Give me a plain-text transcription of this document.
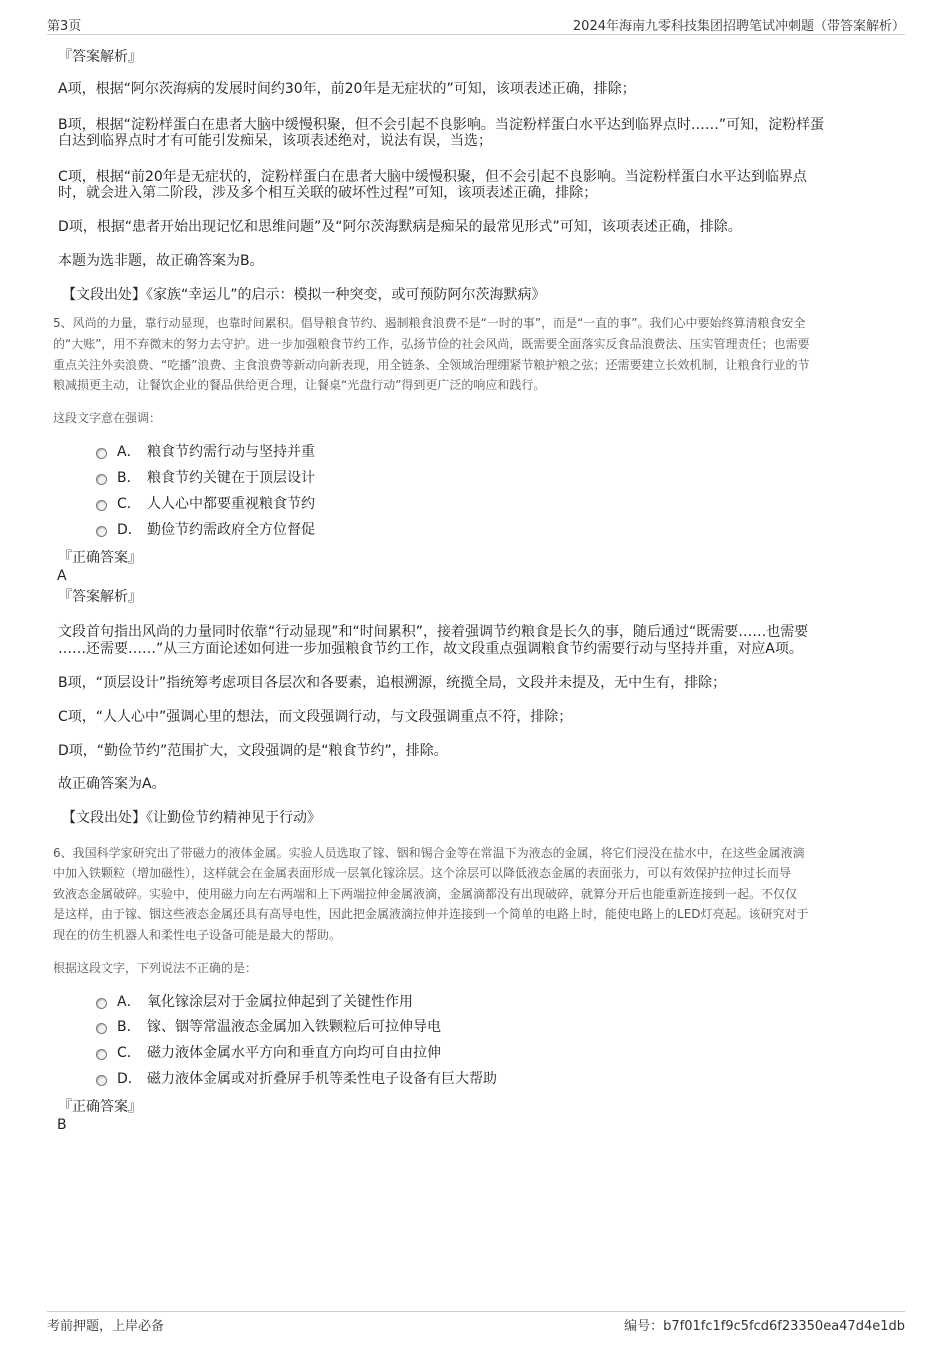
第3页	2024年海南九零科技集团招聘笔试冲刺题（带答案解析）
『答案解析』
A项，根据“阿尔茨海病的发展时间约30年，前20年是无症状的”可知，该项表述正确，排除；
B项，根据“淀粉样蛋白在患者大脑中缓慢积聚，但不会引起不良影响。当淀粉样蛋白水平达到临界点时……”可知，淀粉样蛋
白达到临界点时才有可能引发痴呆，该项表述绝对，说法有误，当选；
C项，根据“前20年是无症状的，淀粉样蛋白在患者大脑中缓慢积聚，但不会引起不良影响。当淀粉样蛋白水平达到临界点
时，就会进入第二阶段，涉及多个相互关联的破坏性过程”可知，该项表述正确，排除；
D项，根据“患者开始出现记忆和思维问题”及“阿尔茨海默病是痴呆的最常见形式”可知，该项表述正确，排除。
本题为选非题，故正确答案为B。
【文段出处】《家族“幸运儿”的启示：模拟一种突变，或可预防阿尔茨海默病》
5、风尚的力量，靠行动显现，也靠时间累积。倡导粮食节约、遏制粮食浪费不是“一时的事”，而是“一直的事”。我们心中要始终算清粮食安全
的“大账”，用不弃微末的努力去守护。进一步加强粮食节约工作，弘扬节俭的社会风尚，既需要全面落实反食品浪费法、压实管理责任；也需要
重点关注外卖浪费、“吃播”浪费、主食浪费等新动向新表现，用全链条、全领域治理绷紧节粮护粮之弦；还需要建立长效机制，让粮食行业的节
粮减损更主动，让餐饮企业的餐品供给更合理，让餐桌“光盘行动”得到更广泛的响应和践行。
这段文字意在强调：
A． 粮食节约需行动与坚持并重
B． 粮食节约关键在于顶层设计
C． 人人心中都要重视粮食节约
D． 勤俭节约需政府全方位督促
『正确答案』
A
『答案解析』
文段首句指出风尚的力量同时依靠“行动显现”和“时间累积”，接着强调节约粮食是长久的事，随后通过“既需要……也需要
……还需要……”从三方面论述如何进一步加强粮食节约工作，故文段重点强调粮食节约需要行动与坚持并重，对应A项。
B项，“顶层设计”指统筹考虑项目各层次和各要素，追根溯源，统揽全局，文段并未提及，无中生有，排除；
C项，“人人心中”强调心里的想法，而文段强调行动，与文段强调重点不符，排除；
D项，“勤俭节约”范围扩大，文段强调的是“粮食节约”，排除。
故正确答案为A。
【文段出处】《让勤俭节约精神见于行动》
6、我国科学家研究出了带磁力的液体金属。实验人员选取了镓、铟和锡合金等在常温下为液态的金属，将它们浸没在盐水中，在这些金属液滴
中加入铁颗粒（增加磁性），这样就会在金属表面形成一层氧化镓涂层。这个涂层可以降低液态金属的表面张力，可以有效保护拉伸过长而导
致液态金属破碎。实验中，使用磁力向左右两端和上下两端拉伸金属液滴，金属滴都没有出现破碎，就算分开后也能重新连接到一起。不仅仅
是这样，由于镓、铟这些液态金属还具有高导电性，因此把金属液滴拉伸并连接到一个简单的电路上时，能使电路上的LED灯亮起。该研究对于
现在的仿生机器人和柔性电子设备可能是最大的帮助。
根据这段文字，下列说法不正确的是：
A． 氧化镓涂层对于金属拉伸起到了关键性作用
B． 镓、铟等常温液态金属加入铁颗粒后可拉伸导电
C． 磁力液体金属水平方向和垂直方向均可自由拉伸
D． 磁力液体金属或对折叠屏手机等柔性电子设备有巨大帮助
『正确答案』
B
考前押题，上岸必备	编号：b7f01fc1f9c5fcd6f23350ea47d4e1db
